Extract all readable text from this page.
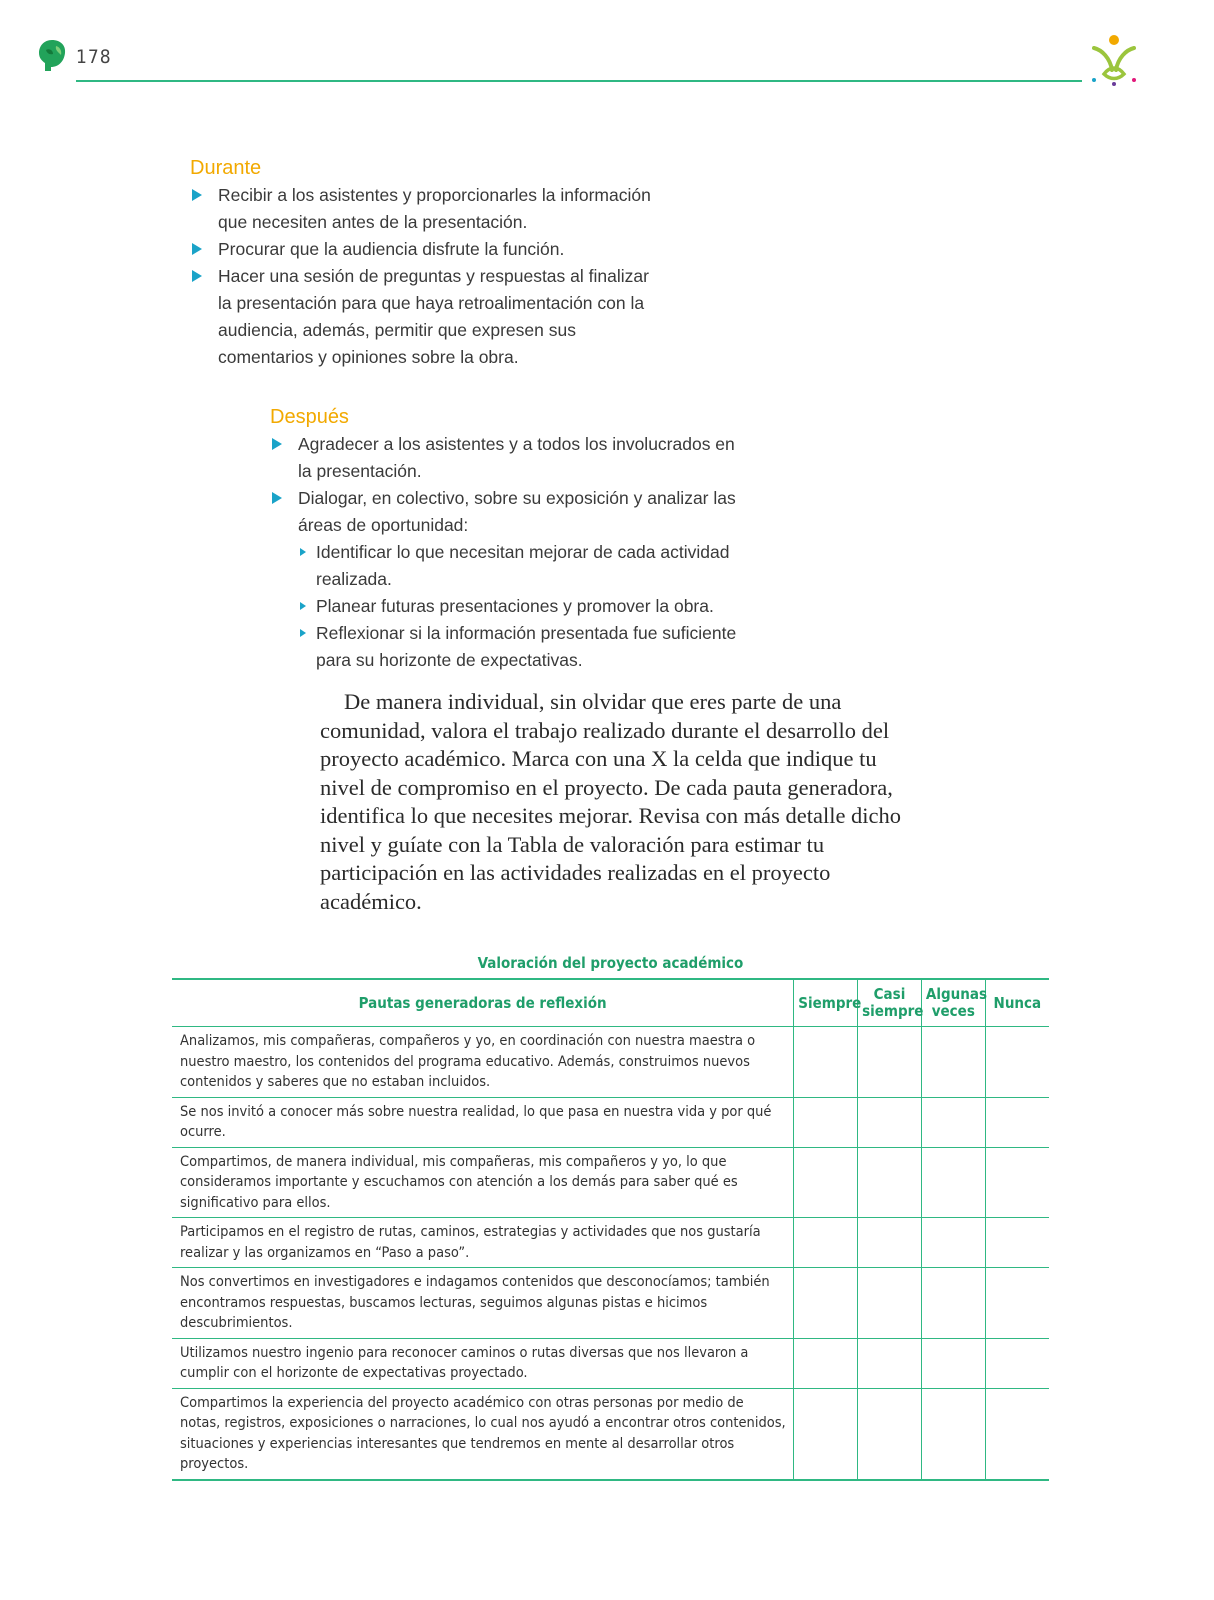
178
Durante
Recibir a los asistentes y proporcionarles la información que necesiten antes de la presentación.
Procurar que la audiencia disfrute la función.
Hacer una sesión de preguntas y respuestas al finalizar la presentación para que haya retroalimentación con la audiencia, además, permitir que expresen sus comentarios y opiniones sobre la obra.
Después
Agradecer a los asistentes y a todos los involucrados en la presentación.
Dialogar, en colectivo, sobre su exposición y analizar las áreas de oportunidad:
Identificar lo que necesitan mejorar de cada actividad realizada.
Planear futuras presentaciones y promover la obra.
Reflexionar si la información presentada fue suficiente para su horizonte de expectativas.

De manera individual, sin olvidar que eres parte de una comunidad, valora el trabajo realizado durante el desarrollo del proyecto académico. Marca con una X la celda que indique tu nivel de compromiso en el proyecto. De cada pauta generadora, identifica lo que necesites mejorar. Revisa con más detalle dicho nivel y guíate con la Tabla de valoración para estimar tu participación en las actividades realizadas en el proyecto académico.

Valoración del proyecto académico
Pautas generadoras de reflexión	Siempre	Casi siempre	Algunas veces	Nunca
Analizamos, mis compañeras, compañeros y yo, en coordinación con nuestra maestra o nuestro maestro, los contenidos del programa educativo. Además, construimos nuevos contenidos y saberes que no estaban incluidos.				
Se nos invitó a conocer más sobre nuestra realidad, lo que pasa en nuestra vida y por qué ocurre.				
Compartimos, de manera individual, mis compañeras, mis compañeros y yo, lo que consideramos importante y escuchamos con atención a los demás para saber qué es significativo para ellos.				
Participamos en el registro de rutas, caminos, estrategias y actividades que nos gustaría realizar y las organizamos en “Paso a paso”.				
Nos convertimos en investigadores e indagamos contenidos que desconocíamos; también encontramos respuestas, buscamos lecturas, seguimos algunas pistas e hicimos descubrimientos.				
Utilizamos nuestro ingenio para reconocer caminos o rutas diversas que nos llevaron a cumplir con el horizonte de expectativas proyectado.				
Compartimos la experiencia del proyecto académico con otras personas por medio de notas, registros, exposiciones o narraciones, lo cual nos ayudó a encontrar otros contenidos, situaciones y experiencias interesantes que tendremos en mente al desarrollar otros proyectos.				
